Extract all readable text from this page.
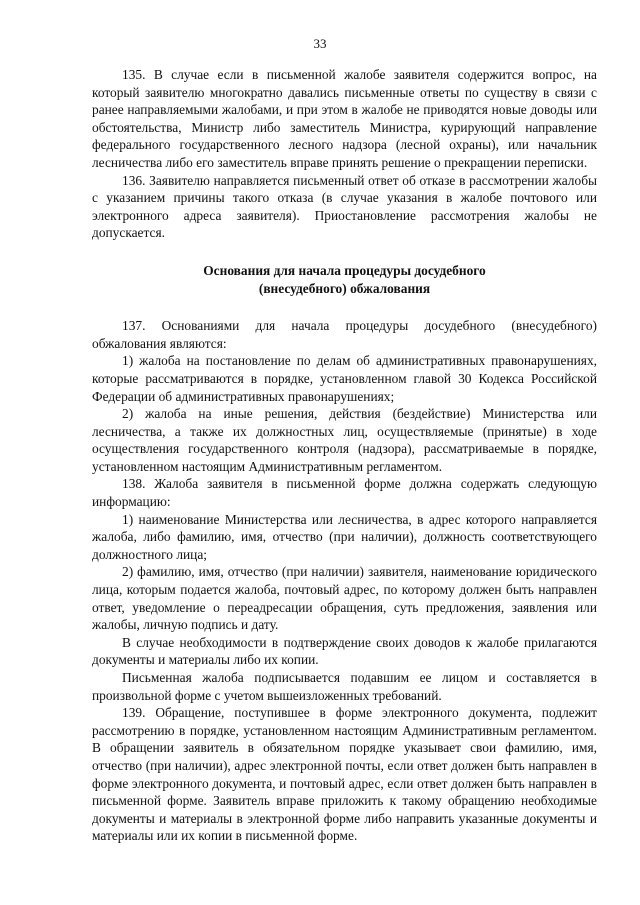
33

135. В случае если в письменной жалобе заявителя содержится вопрос, на который заявителю многократно давались письменные ответы по существу в связи с ранее направляемыми жалобами, и при этом в жалобе не приводятся новые доводы или обстоятельства, Министр либо заместитель Министра, курирующий направление федерального государственного лесного надзора (лесной охраны), или начальник лесничества либо его заместитель вправе принять решение о прекращении переписки.

136. Заявителю направляется письменный ответ об отказе в рассмотрении жалобы с указанием причины такого отказа (в случае указания в жалобе почтового или электронного адреса заявителя). Приостановление рассмотрения жалобы не допускается.

Основания для начала процедуры досудебного
(внесудебного) обжалования

137. Основаниями для начала процедуры досудебного (внесудебного) обжалования являются:

1) жалоба на постановление по делам об административных правонарушениях, которые рассматриваются в порядке, установленном главой 30 Кодекса Российской Федерации об административных правонарушениях;

2) жалоба на иные решения, действия (бездействие) Министерства или лесничества, а также их должностных лиц, осуществляемые (принятые) в ходе осуществления государственного контроля (надзора), рассматриваемые в порядке, установленном настоящим Административным регламентом.

138. Жалоба заявителя в письменной форме должна содержать следующую информацию:

1) наименование Министерства или лесничества, в адрес которого направляется жалоба, либо фамилию, имя, отчество (при наличии), должность соответствующего должностного лица;

2) фамилию, имя, отчество (при наличии) заявителя, наименование юридического лица, которым подается жалоба, почтовый адрес, по которому должен быть направлен ответ, уведомление о переадресации обращения, суть предложения, заявления или жалобы, личную подпись и дату.

В случае необходимости в подтверждение своих доводов к жалобе прилагаются документы и материалы либо их копии.

Письменная жалоба подписывается подавшим ее лицом и составляется в произвольной форме с учетом вышеизложенных требований.

139. Обращение, поступившее в форме электронного документа, подлежит рассмотрению в порядке, установленном настоящим Административным регламентом. В обращении заявитель в обязательном порядке указывает свои фамилию, имя, отчество (при наличии), адрес электронной почты, если ответ должен быть направлен в форме электронного документа, и почтовый адрес, если ответ должен быть направлен в письменной форме. Заявитель вправе приложить к такому обращению необходимые документы и материалы в электронной форме либо направить указанные документы и материалы или их копии в письменной форме.
